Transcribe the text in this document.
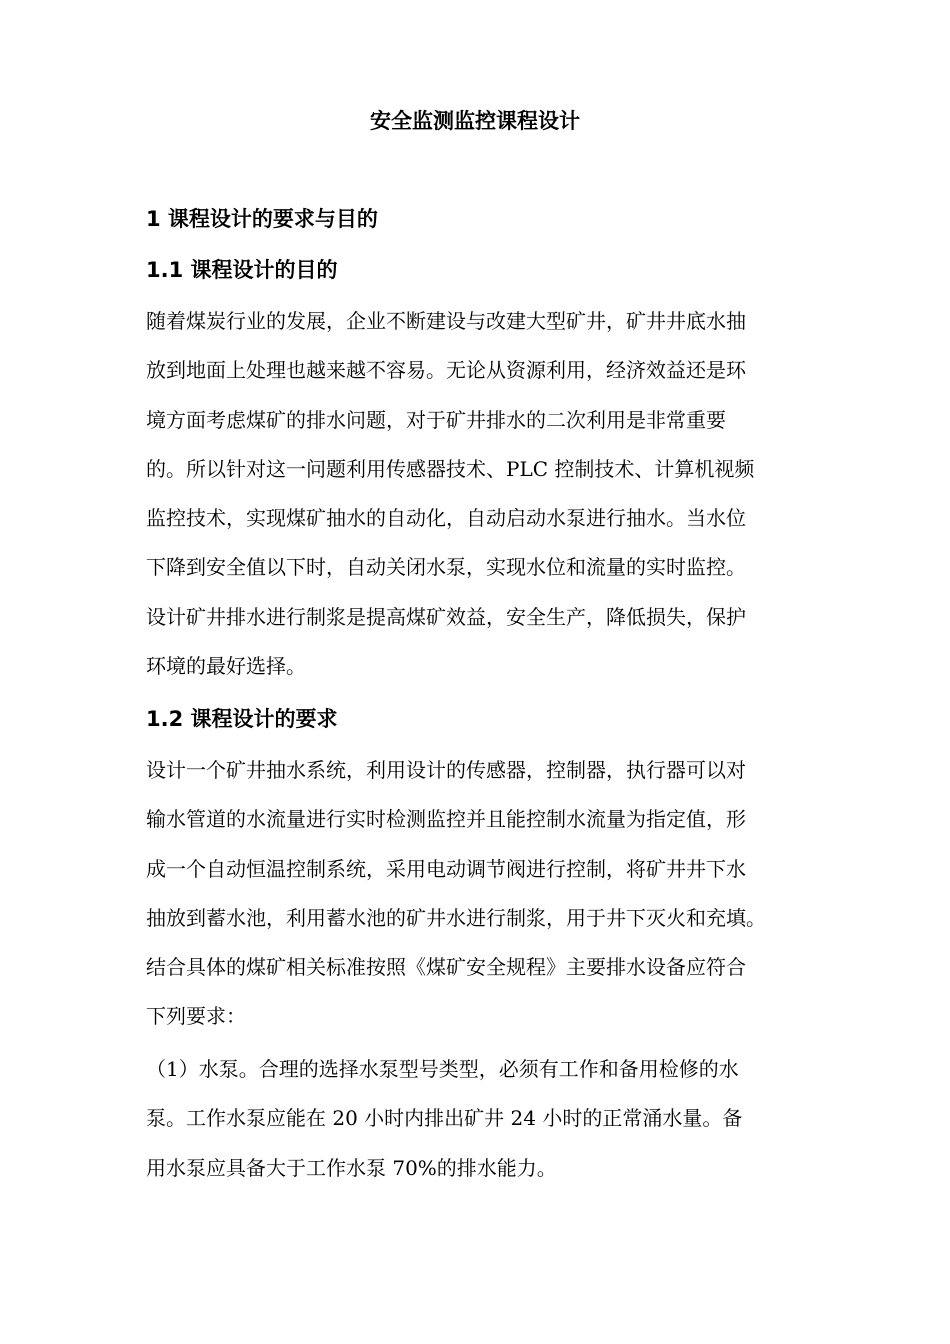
安全监测监控课程设计
1 课程设计的要求与目的
1.1 课程设计的目的
随着煤炭行业的发展，企业不断建设与改建大型矿井，矿井井底水抽
放到地面上处理也越来越不容易。无论从资源利用，经济效益还是环
境方面考虑煤矿的排水问题，对于矿井排水的二次利用是非常重要
的。所以针对这一问题利用传感器技术、PLC 控制技术、计算机视频
监控技术，实现煤矿抽水的自动化，自动启动水泵进行抽水。当水位
下降到安全值以下时，自动关闭水泵，实现水位和流量的实时监控。
设计矿井排水进行制浆是提高煤矿效益，安全生产，降低损失，保护
环境的最好选择。
1.2 课程设计的要求
设计一个矿井抽水系统，利用设计的传感器，控制器，执行器可以对
输水管道的水流量进行实时检测监控并且能控制水流量为指定值，形
成一个自动恒温控制系统，采用电动调节阀进行控制，将矿井井下水
抽放到蓄水池，利用蓄水池的矿井水进行制浆，用于井下灭火和充填。
结合具体的煤矿相关标准按照《煤矿安全规程》主要排水设备应符合
下列要求：
（1）水泵。合理的选择水泵型号类型，必须有工作和备用检修的水
泵。工作水泵应能在 20 小时内排出矿井 24 小时的正常涌水量。备
用水泵应具备大于工作水泵 70%的排水能力。
